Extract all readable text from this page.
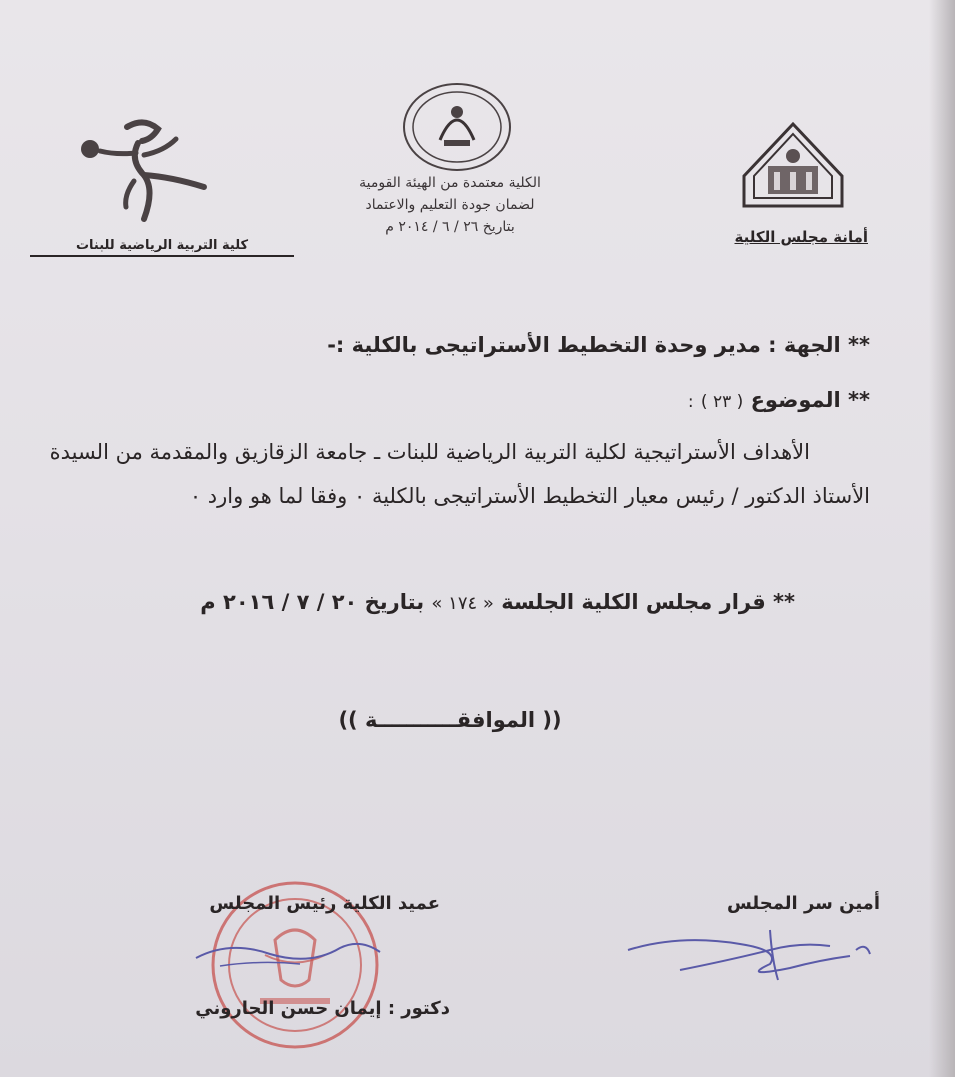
أمانة مجلس الكلية
كلية التربية الرياضية للبنات
الكلية معتمدة من الهيئة القومية
لضمان جودة التعليم والاعتماد
بتاريخ ٢٦ / ٦ / ٢٠١٤ م
** الجهة : مدير وحدة التخطيط الأستراتيجى بالكلية :-
** الموضوع ( ٢٣ ) :
الأهداف الأستراتيجية لكلية التربية الرياضية للبنات ـ جامعة الزقازيق والمقدمة من السيدة الأستاذ الدكتور / رئيس معيار التخطيط الأستراتيجى بالكلية ٠ وفقا لما هو وارد ٠
** قرار مجلس الكلية الجلسة « ١٧٤ » بتاريخ ٢٠ / ٧ / ٢٠١٦ م
(( الموافقـــــــــــة ))
أمين سر المجلس
عميد الكلية رئيس المجلس
دكتور : إيمان حسن الحاروني
